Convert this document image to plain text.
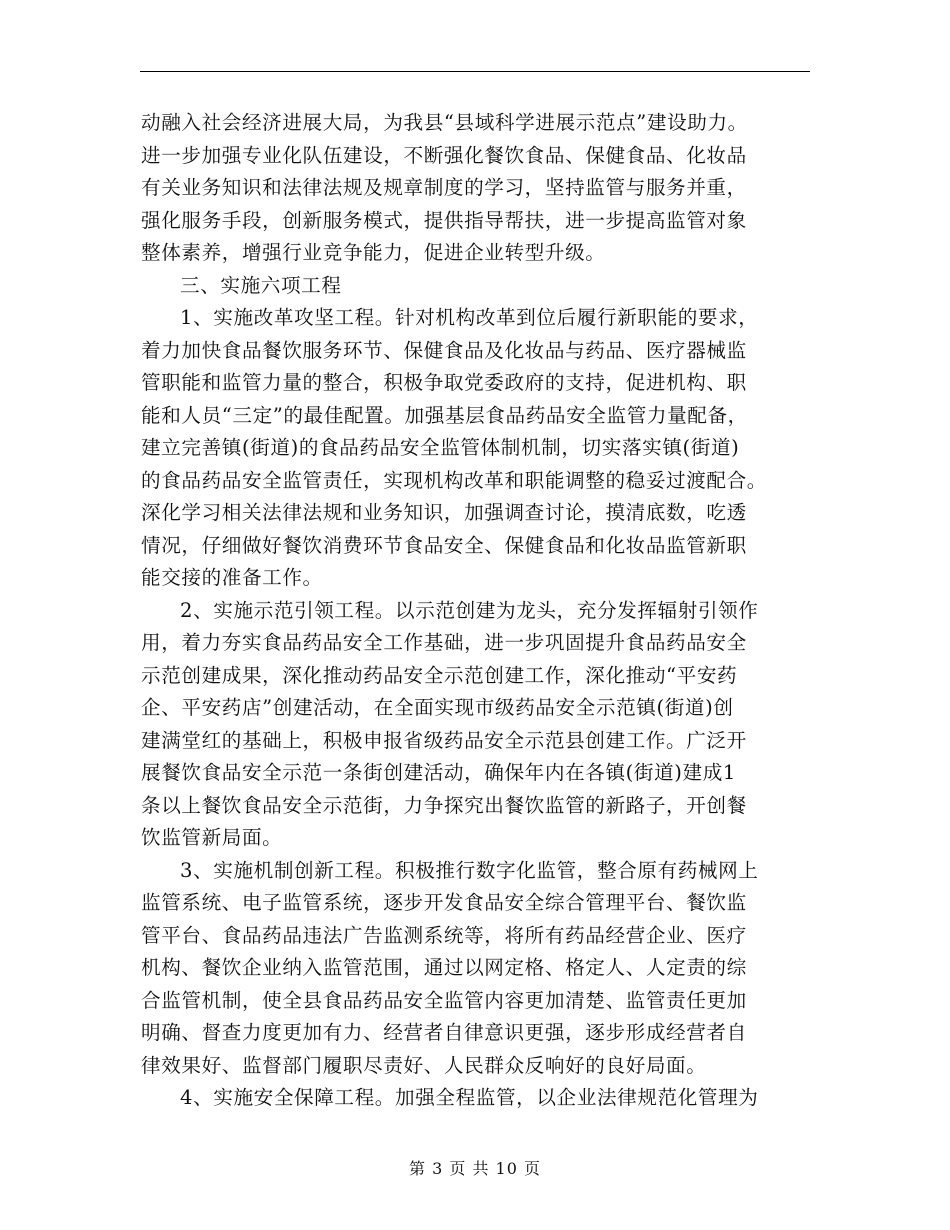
动融入社会经济进展大局，为我县“县域科学进展示范点”建设助力。
进一步加强专业化队伍建设，不断强化餐饮食品、保健食品、化妆品
有关业务知识和法律法规及规章制度的学习，坚持监管与服务并重，
强化服务手段，创新服务模式，提供指导帮扶，进一步提高监管对象
整体素养，增强行业竞争能力，促进企业转型升级。
三、实施六项工程
1、实施改革攻坚工程。针对机构改革到位后履行新职能的要求，
着力加快食品餐饮服务环节、保健食品及化妆品与药品、医疗器械监
管职能和监管力量的整合，积极争取党委政府的支持，促进机构、职
能和人员“三定”的最佳配置。加强基层食品药品安全监管力量配备，
建立完善镇(街道)的食品药品安全监管体制机制，切实落实镇(街道)
的食品药品安全监管责任，实现机构改革和职能调整的稳妥过渡配合。
深化学习相关法律法规和业务知识，加强调查讨论，摸清底数，吃透
情况，仔细做好餐饮消费环节食品安全、保健食品和化妆品监管新职
能交接的准备工作。
2、实施示范引领工程。以示范创建为龙头，充分发挥辐射引领作
用，着力夯实食品药品安全工作基础，进一步巩固提升食品药品安全
示范创建成果，深化推动药品安全示范创建工作，深化推动“平安药
企、平安药店”创建活动，在全面实现市级药品安全示范镇(街道)创
建满堂红的基础上，积极申报省级药品安全示范县创建工作。广泛开
展餐饮食品安全示范一条街创建活动，确保年内在各镇(街道)建成1
条以上餐饮食品安全示范街，力争探究出餐饮监管的新路子，开创餐
饮监管新局面。
3、实施机制创新工程。积极推行数字化监管，整合原有药械网上
监管系统、电子监管系统，逐步开发食品安全综合管理平台、餐饮监
管平台、食品药品违法广告监测系统等，将所有药品经营企业、医疗
机构、餐饮企业纳入监管范围，通过以网定格、格定人、人定责的综
合监管机制，使全县食品药品安全监管内容更加清楚、监管责任更加
明确、督查力度更加有力、经营者自律意识更强，逐步形成经营者自
律效果好、监督部门履职尽责好、人民群众反响好的良好局面。
4、实施安全保障工程。加强全程监管，以企业法律规范化管理为
第 3 页 共 10 页
